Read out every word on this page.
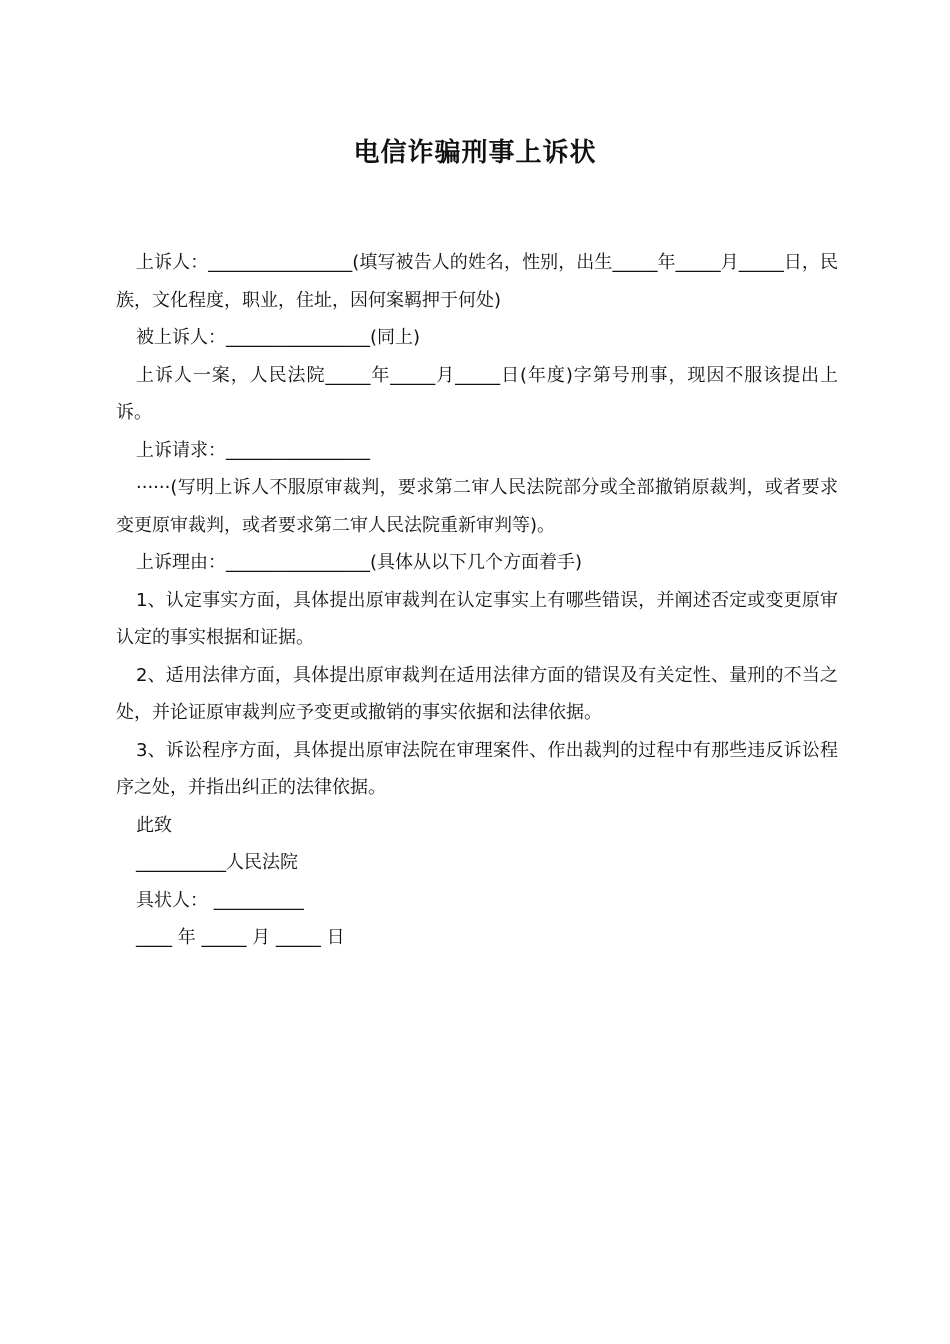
电信诈骗刑事上诉状

上诉人：________________(填写被告人的姓名，性别，出生_____年_____月_____日，民族，文化程度，职业，住址，因何案羁押于何处)

被上诉人：________________(同上)

上诉人一案，人民法院_____年_____月_____日(年度)字第号刑事，现因不服该提出上诉。

上诉请求：________________

······(写明上诉人不服原审裁判，要求第二审人民法院部分或全部撤销原裁判，或者要求变更原审裁判，或者要求第二审人民法院重新审判等)。

上诉理由：________________(具体从以下几个方面着手)

1、认定事实方面，具体提出原审裁判在认定事实上有哪些错误，并阐述否定或变更原审认定的事实根据和证据。

2、适用法律方面，具体提出原审裁判在适用法律方面的错误及有关定性、量刑的不当之处，并论证原审裁判应予变更或撤销的事实依据和法律依据。

3、诉讼程序方面，具体提出原审法院在审理案件、作出裁判的过程中有那些违反诉讼程序之处，并指出纠正的法律依据。

此致

__________人民法院

具状人： __________

____ 年 _____ 月 _____ 日
